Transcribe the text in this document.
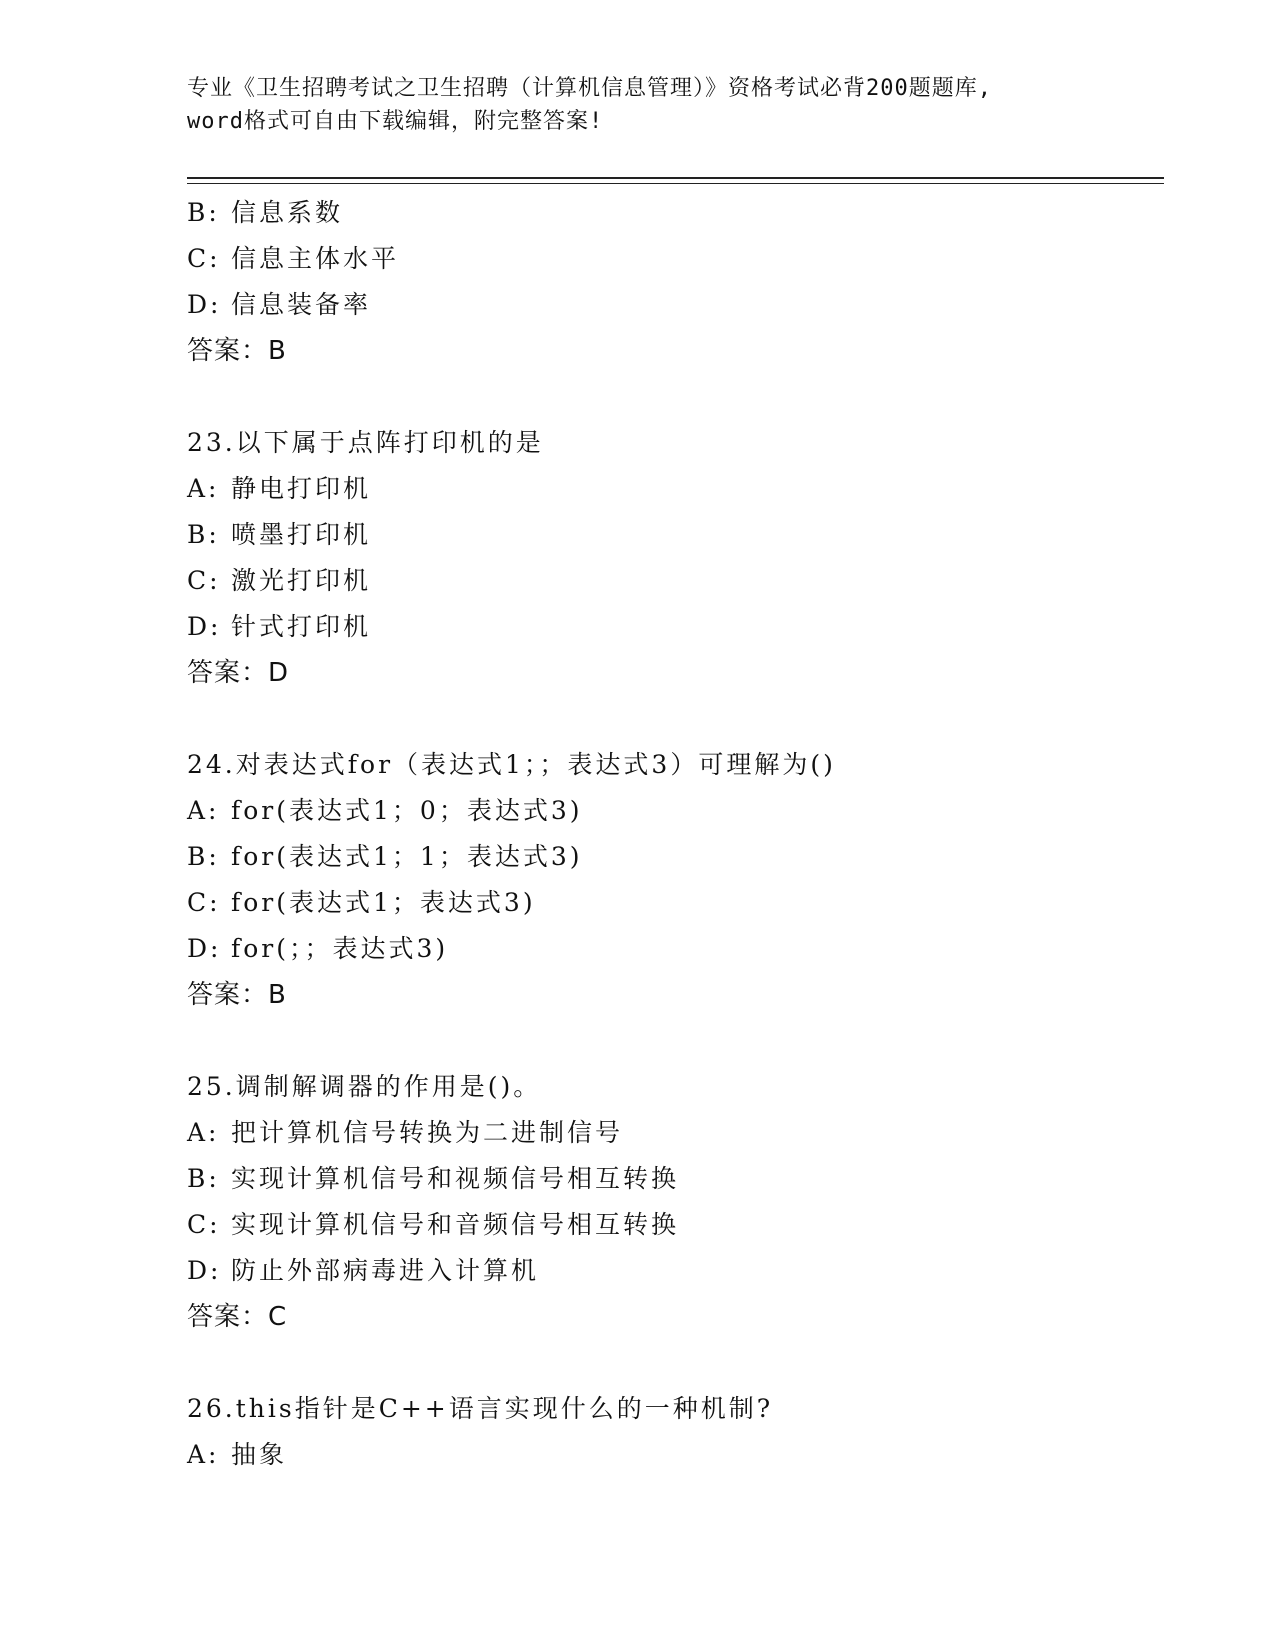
专业《卫生招聘考试之卫生招聘（计算机信息管理）》资格考试必背200题题库,
word格式可自由下载编辑，附完整答案!
B: 信息系数
C: 信息主体水平
D: 信息装备率
答案：B
23.以下属于点阵打印机的是
A: 静电打印机
B: 喷墨打印机
C: 激光打印机
D: 针式打印机
答案：D
24.对表达式for（表达式1；；表达式3）可理解为()
A: for(表达式1；0；表达式3)
B: for(表达式1；1；表达式3)
C: for(表达式1；表达式3)
D: for(；；表达式3)
答案：B
25.调制解调器的作用是()。
A: 把计算机信号转换为二进制信号
B: 实现计算机信号和视频信号相互转换
C: 实现计算机信号和音频信号相互转换
D: 防止外部病毒进入计算机
答案：C
26.this指针是C++语言实现什么的一种机制?
A: 抽象
